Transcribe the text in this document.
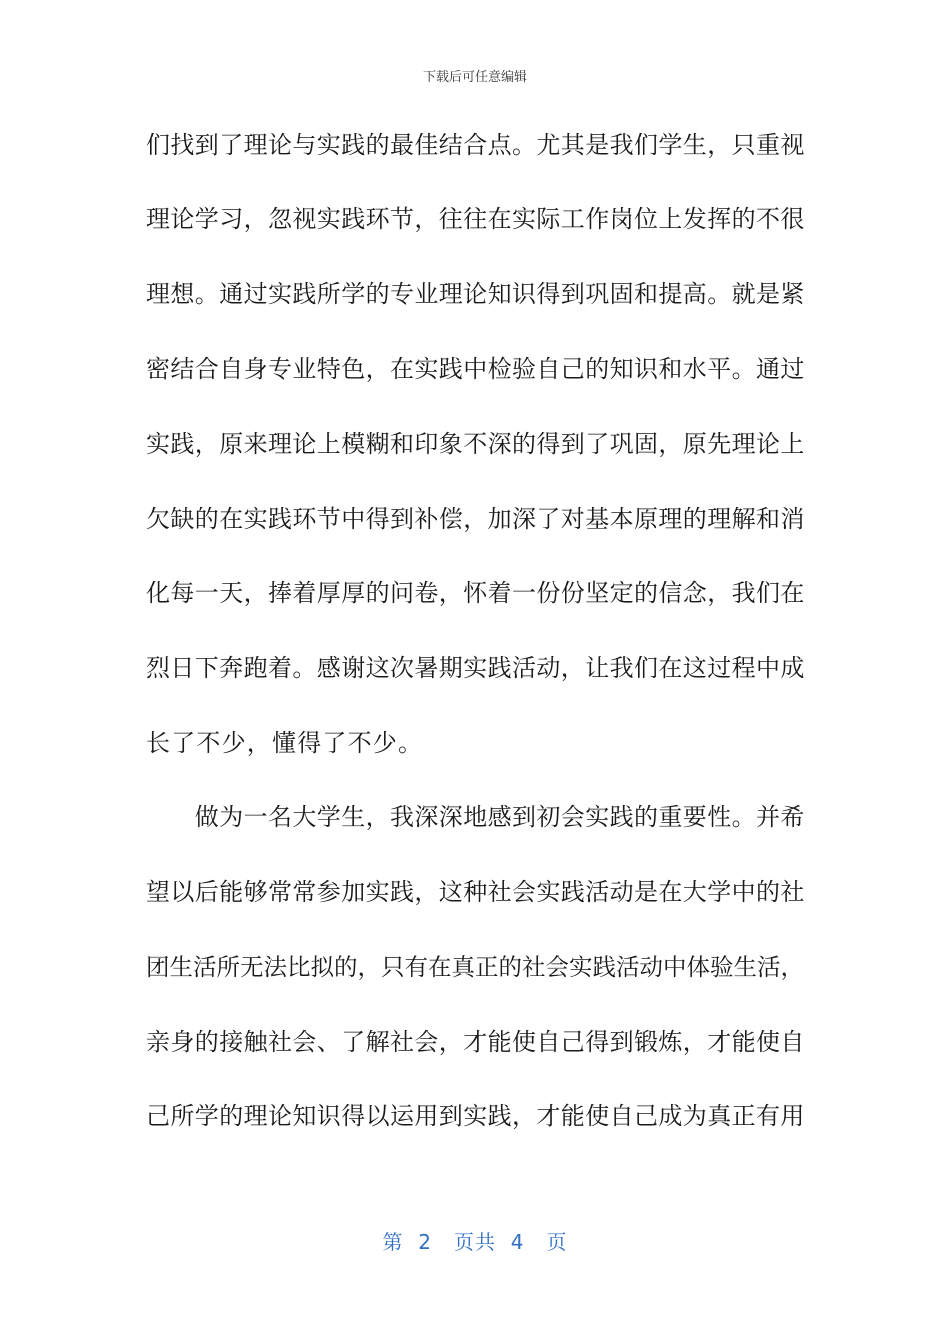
下载后可任意编辑
们找到了理论与实践的最佳结合点。尤其是我们学生，只重视
理论学习，忽视实践环节，往往在实际工作岗位上发挥的不很
理想。通过实践所学的专业理论知识得到巩固和提高。就是紧
密结合自身专业特色，在实践中检验自己的知识和水平。通过
实践，原来理论上模糊和印象不深的得到了巩固，原先理论上
欠缺的在实践环节中得到补偿，加深了对基本原理的理解和消
化每一天，捧着厚厚的问卷，怀着一份份坚定的信念，我们在
烈日下奔跑着。感谢这次暑期实践活动，让我们在这过程中成
长了不少，懂得了不少。
　　做为一名大学生，我深深地感到初会实践的重要性。并希
望以后能够常常参加实践，这种社会实践活动是在大学中的社
团生活所无法比拟的，只有在真正的社会实践活动中体验生活，
亲身的接触社会、了解社会，才能使自己得到锻炼，才能使自
己所学的理论知识得以运用到实践，才能使自己成为真正有用
第  2   页共  4   页
